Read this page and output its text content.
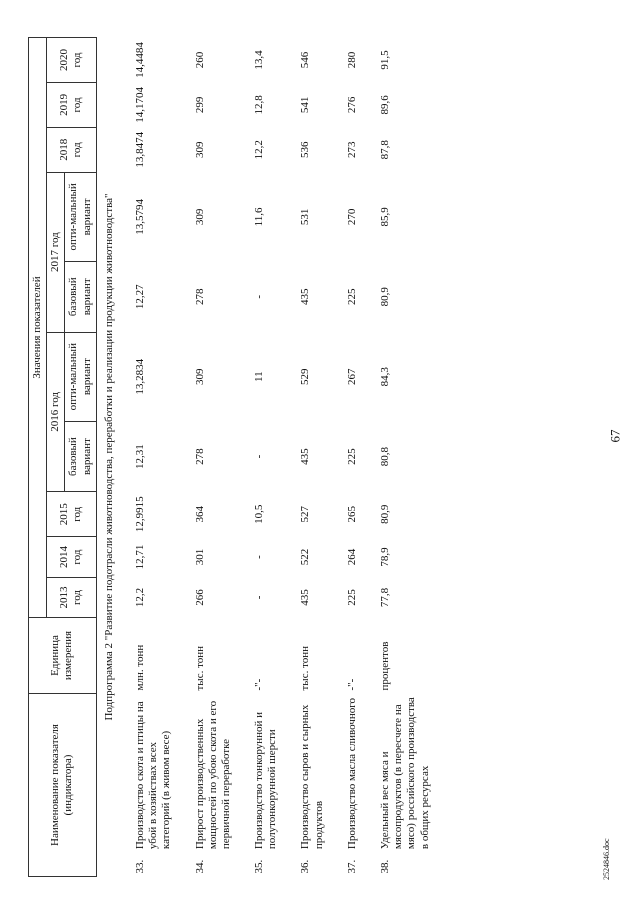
67
Наименование показателя (индикатора)		Единица измерения	Значения показателей									
			2013 год	2014 год	2015 год	2016 год		2017 год		2018 год	2019 год	2020 год
						базовый вариант	опти-мальный вариант	базовый вариант	опти-мальный вариант			
Подпрограмма 2 "Развитие подотрасли животноводства, переработки и реализации продукции животноводства"												
33.	Производство скота и птицы на убой в хозяйствах всех категорий (в живом весе)	млн. тонн	12,2	12,71	12,9915	12,31	13,2834	12,27	13,5794	13,8474	14,1704	14,4484
34.	Прирост производственных мощностей по убою скота и его первичной переработке	тыс. тонн	266	301	364	278	309	278	309	309	299	260
35.	Производство тонкорунной и полутонкорунной шерсти	-"-	-	-	10,5	-	11	-	11,6	12,2	12,8	13,4
36.	Производство сыров и сырных продуктов	тыс. тонн	435	522	527	435	529	435	531	536	541	546
37.	Производство масла сливочного	-"-	225	264	265	225	267	225	270	273	276	280
38.	Удельный вес мяса и мясопродуктов (в пересчете на мясо) российского производства в общих ресурсах	процентов	77,8	78,9	80,9	80,8	84,3	80,9	85,9	87,8	89,6	91,5
2524846.doc
